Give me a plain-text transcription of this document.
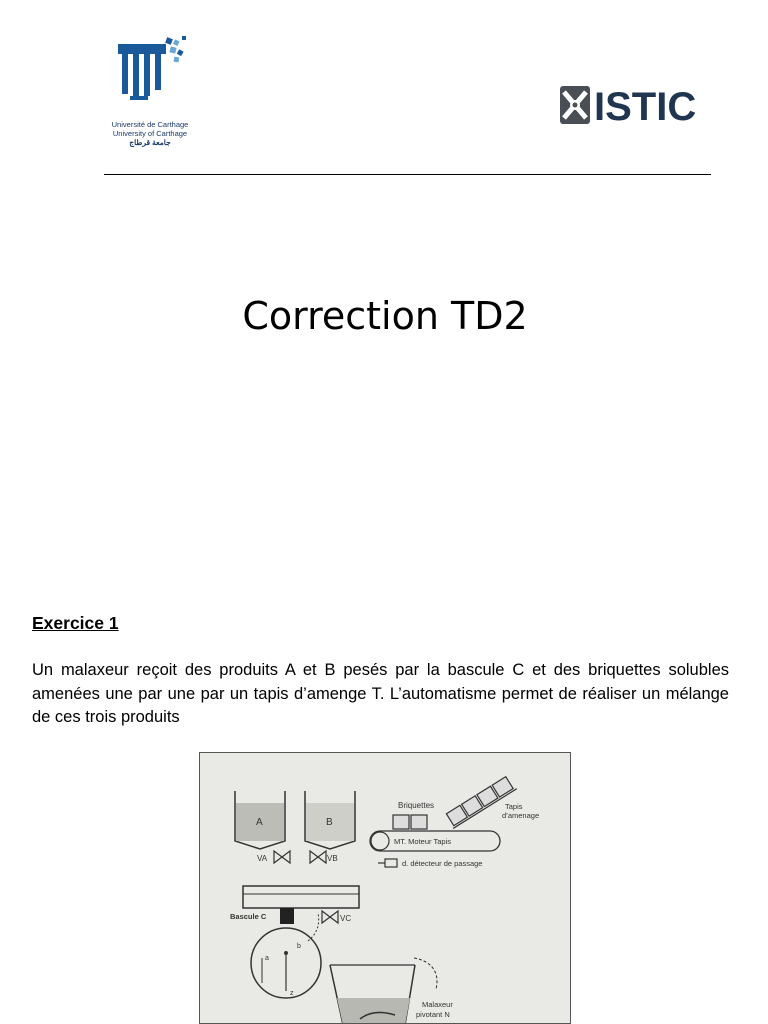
Université de Carthage
University of Carthage
جامعة قرطاج
ISTIC
Correction TD2

Exercice 1

Un malaxeur reçoit des produits A et B pesés par la bascule C et des briquettes solubles amenées une par une par un tapis d’amenge T. L’automatisme permet de réaliser un mélange de ces trois produits

A	B
VA	VB
Briquettes	Tapis
d’amenage
MT. Moteur Tapis
d. détecteur de passage
Bascule C	VC
a
b
z
Malaxeur
pivotant N
